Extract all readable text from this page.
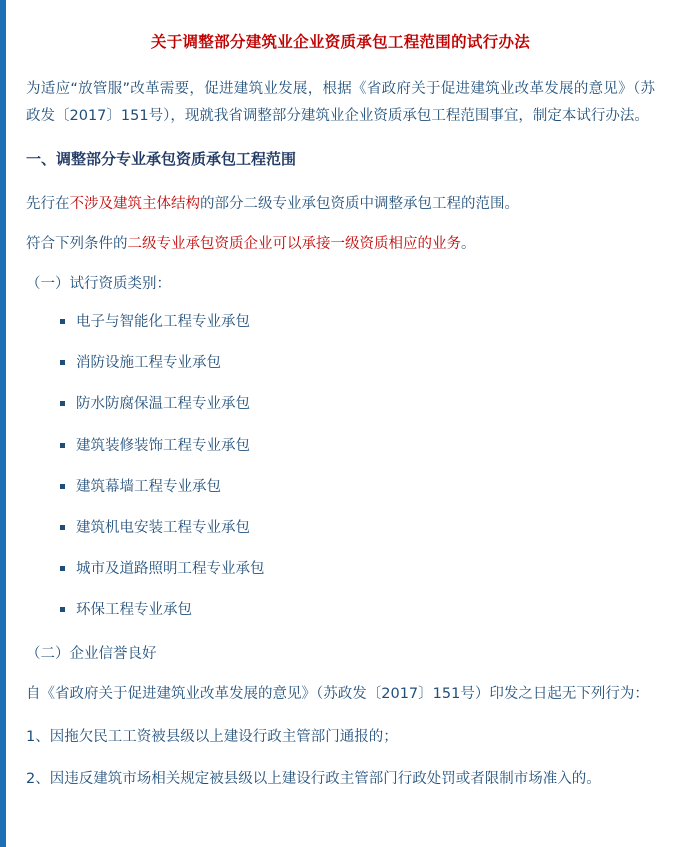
关于调整部分建筑业企业资质承包工程范围的试行办法

为适应“放管服”改革需要，促进建筑业发展，根据《省政府关于促进建筑业改革发展的意见》（苏政发〔2017〕151号），现就我省调整部分建筑业企业资质承包工程范围事宜，制定本试行办法。

一、调整部分专业承包资质承包工程范围

先行在不涉及建筑主体结构的部分二级专业承包资质中调整承包工程的范围。

符合下列条件的二级专业承包资质企业可以承接一级资质相应的业务。

（一）试行资质类别：

电子与智能化工程专业承包
消防设施工程专业承包
防水防腐保温工程专业承包
建筑装修装饰工程专业承包
建筑幕墙工程专业承包
建筑机电安装工程专业承包
城市及道路照明工程专业承包
环保工程专业承包

（二）企业信誉良好

自《省政府关于促进建筑业改革发展的意见》（苏政发〔2017〕151号）印发之日起无下列行为：

1、因拖欠民工工资被县级以上建设行政主管部门通报的；

2、因违反建筑市场相关规定被县级以上建设行政主管部门行政处罚或者限制市场准入的。
